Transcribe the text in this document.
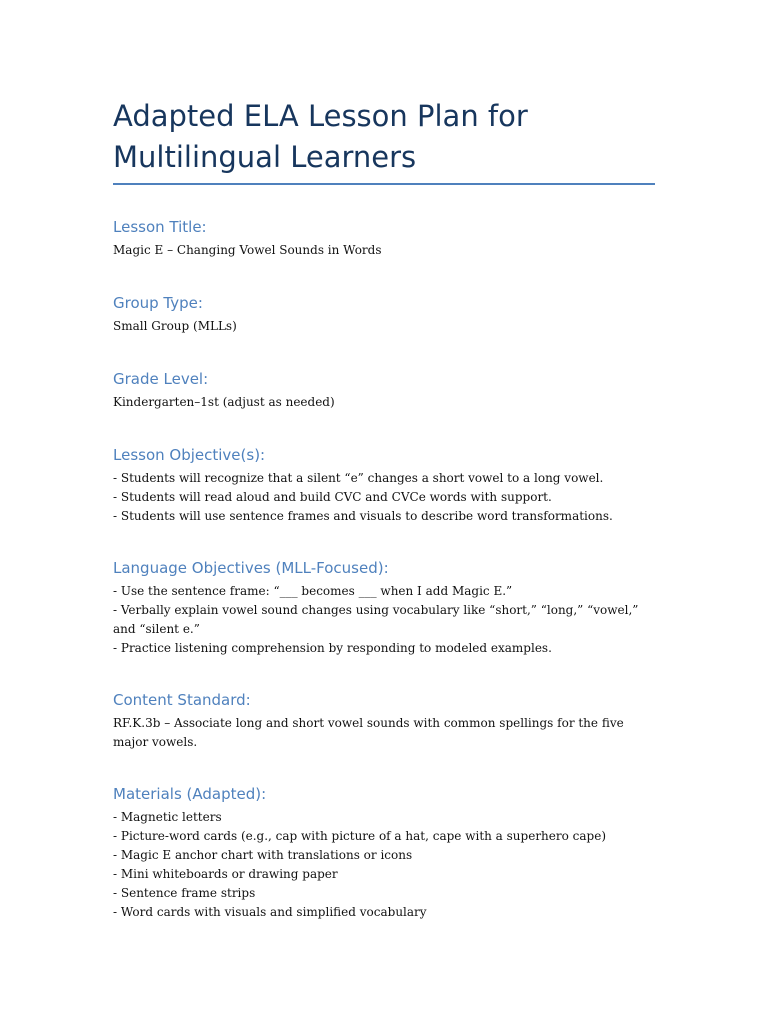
Adapted ELA Lesson Plan for
Multilingual Learners
Lesson Title:

Magic E – Changing Vowel Sounds in Words

Group Type:

Small Group (MLLs)

Grade Level:

Kindergarten–1st (adjust as needed)

Lesson Objective(s):

- Students will recognize that a silent “e” changes a short vowel to a long vowel.
- Students will read aloud and build CVC and CVCe words with support.
- Students will use sentence frames and visuals to describe word transformations.

Language Objectives (MLL-Focused):

- Use the sentence frame: “___ becomes ___ when I add Magic E.”
- Verbally explain vowel sound changes using vocabulary like “short,” “long,” “vowel,” and “silent e.”
- Practice listening comprehension by responding to modeled examples.

Content Standard:

RF.K.3b – Associate long and short vowel sounds with common spellings for the five major vowels.

Materials (Adapted):

- Magnetic letters
- Picture-word cards (e.g., cap with picture of a hat, cape with a superhero cape)
- Magic E anchor chart with translations or icons
- Mini whiteboards or drawing paper
- Sentence frame strips
- Word cards with visuals and simplified vocabulary
